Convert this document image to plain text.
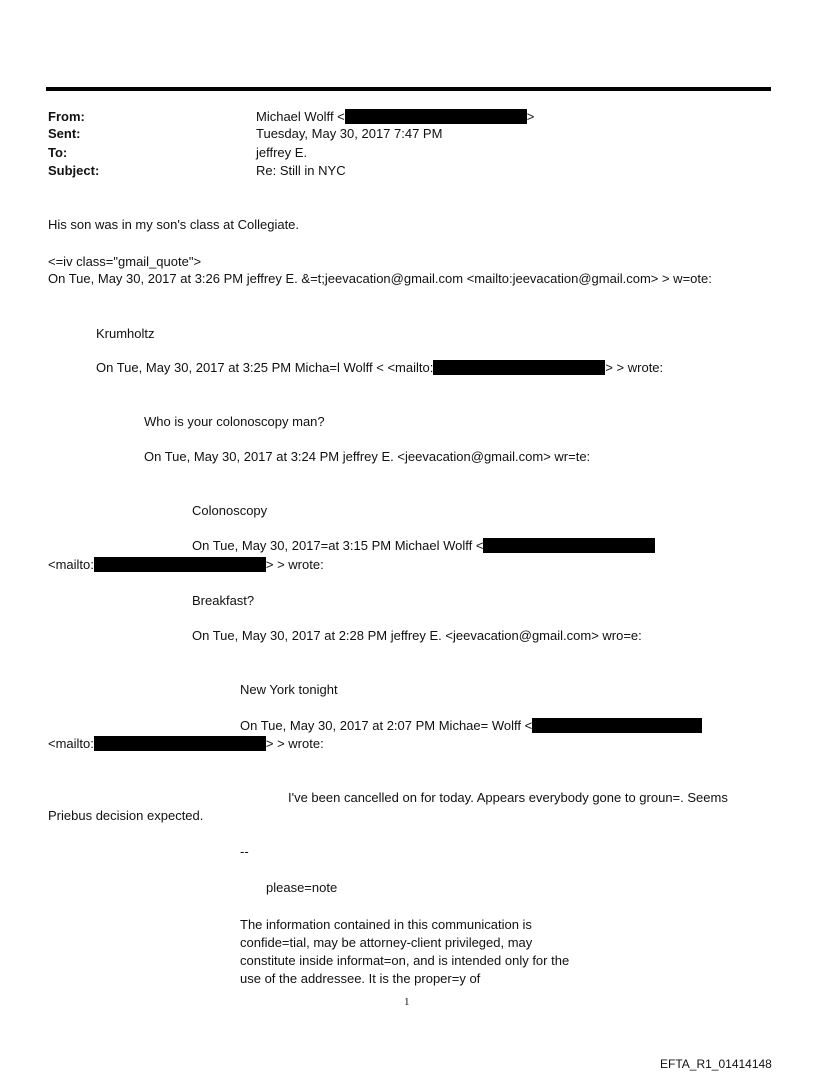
From:	Michael Wolff <	>
Sent:	Tuesday, May 30, 2017 7:47 PM
To:	jeffrey E.
Subject:	Re: Still in NYC
His son was in my son's class at Collegiate.
<=iv class="gmail_quote">
On Tue, May 30, 2017 at 3:26 PM jeffrey E. &=t;jeevacation@gmail.com <mailto:jeevacation@gmail.com> > w=ote:
Krumholtz
On Tue, May 30, 2017 at 3:25 PM Micha=l Wolff < <mailto:	> > wrote:
Who is your colonoscopy man?
On Tue, May 30, 2017 at 3:24 PM jeffrey E. <jeevacation@gmail.com> wr=te:
Colonoscopy
On Tue, May 30, 2017=at 3:15 PM Michael Wolff <
<mailto:	> > wrote:
Breakfast?
On Tue, May 30, 2017 at 2:28 PM jeffrey E. <jeevacation@gmail.com> wro=e:
New York tonight
On Tue, May 30, 2017 at 2:07 PM Michae= Wolff <
<mailto:	> > wrote:
I've been cancelled on for today. Appears everybody gone to groun=. Seems
Priebus decision expected.
--
please=note
The information contained in this communication is confide=tial, may be attorney-client privileged, may constitute inside informat=on, and is intended only for the use of the addressee. It is the proper=y of
1
EFTA_R1_01414148
